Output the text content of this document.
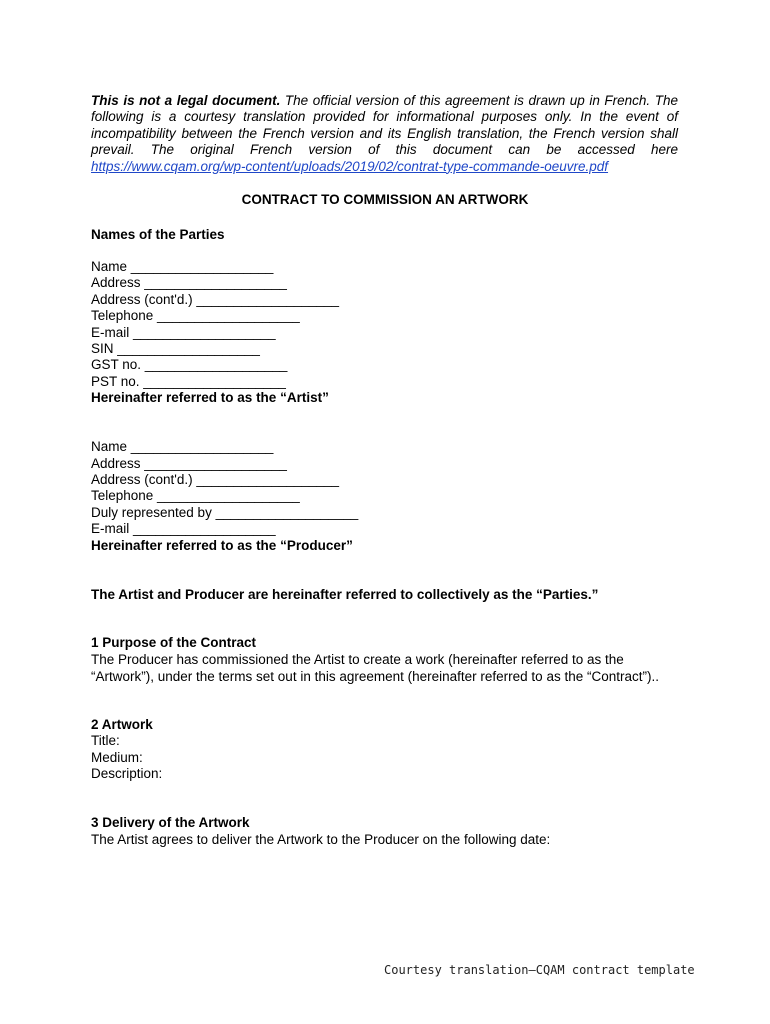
This is not a legal document. The official version of this agreement is drawn up in French. The following is a courtesy translation provided for informational purposes only. In the event of incompatibility between the French version and its English translation, the French version shall prevail. The original French version of this document can be accessed here https://www.cqam.org/wp-content/uploads/2019/02/contrat-type-commande-oeuvre.pdf
CONTRACT TO COMMISSION AN ARTWORK
Names of the Parties
Name ___________________
Address ___________________
Address (cont'd.) ___________________
Telephone ___________________
E-mail ___________________
SIN ___________________
GST no. ___________________
PST no. ___________________
Hereinafter referred to as the “Artist”
Name ___________________
Address ___________________
Address (cont'd.) ___________________
Telephone ___________________
Duly represented by ___________________
E-mail ___________________
Hereinafter referred to as the “Producer”
The Artist and Producer are hereinafter referred to collectively as the “Parties.”
1 Purpose of the Contract
The Producer has commissioned the Artist to create a work (hereinafter referred to as the “Artwork”), under the terms set out in this agreement (hereinafter referred to as the “Contract”)..
2 Artwork
Title:
Medium:
Description:
3 Delivery of the Artwork
The Artist agrees to deliver the Artwork to the Producer on the following date:
Courtesy translation—CQAM contract template
